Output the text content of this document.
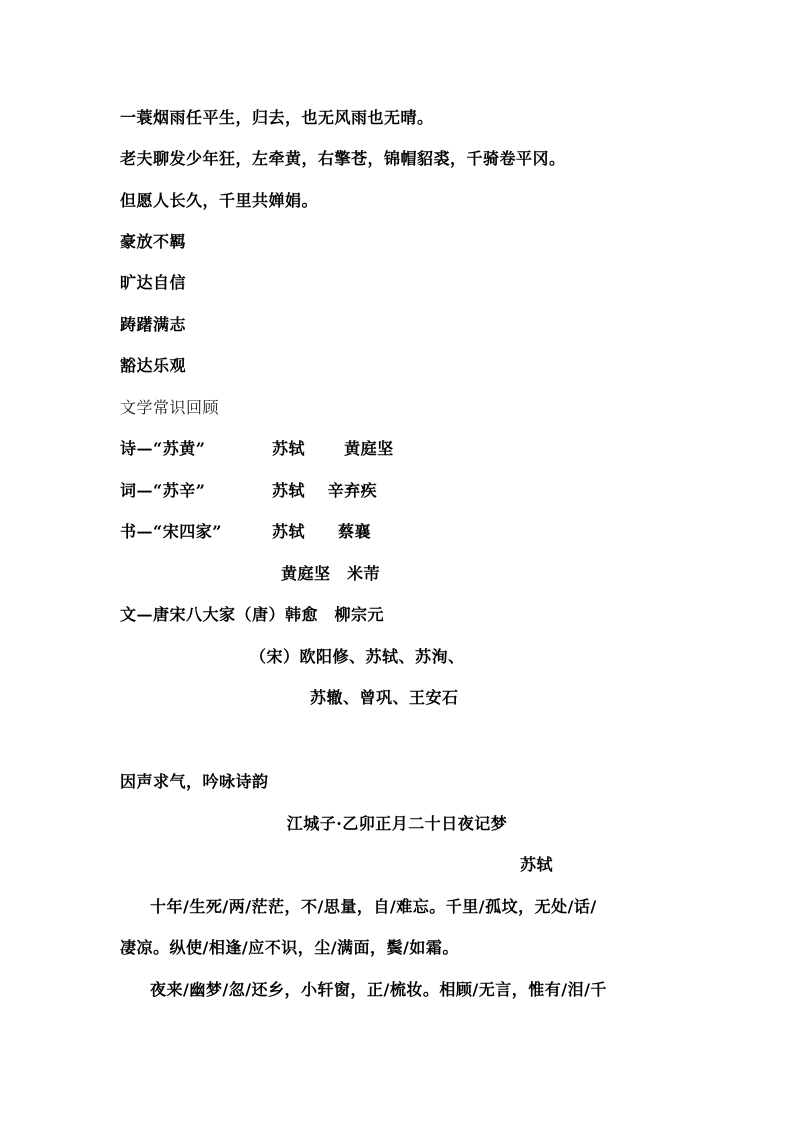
一蓑烟雨任平生，归去，也无风雨也无晴。
老夫聊发少年狂，左牵黄，右擎苍，锦帽貂裘，千骑卷平冈。
但愿人长久，千里共婵娟。
豪放不羁
旷达自信
踌躇满志
豁达乐观
文学常识回顾
诗—“苏黄”	苏轼　　 黄庭坚
词—“苏辛”	苏轼　 辛弃疾
书—“宋四家”	苏轼　　蔡襄
黄庭坚　米芾
文—唐宋八大家（唐）韩愈　柳宗元
（宋）欧阳修、苏轼、苏洵、
苏辙、曾巩、王安石
因声求气，吟咏诗韵
江城子·乙卯正月二十日夜记梦
苏轼
十年/生死/两/茫茫，不/思量，自/难忘。千里/孤坟，无处/话/
凄凉。纵使/相逢/应不识，尘/满面，鬓/如霜。
夜来/幽梦/忽/还乡，小轩窗，正/梳妆。相顾/无言，惟有/泪/千
